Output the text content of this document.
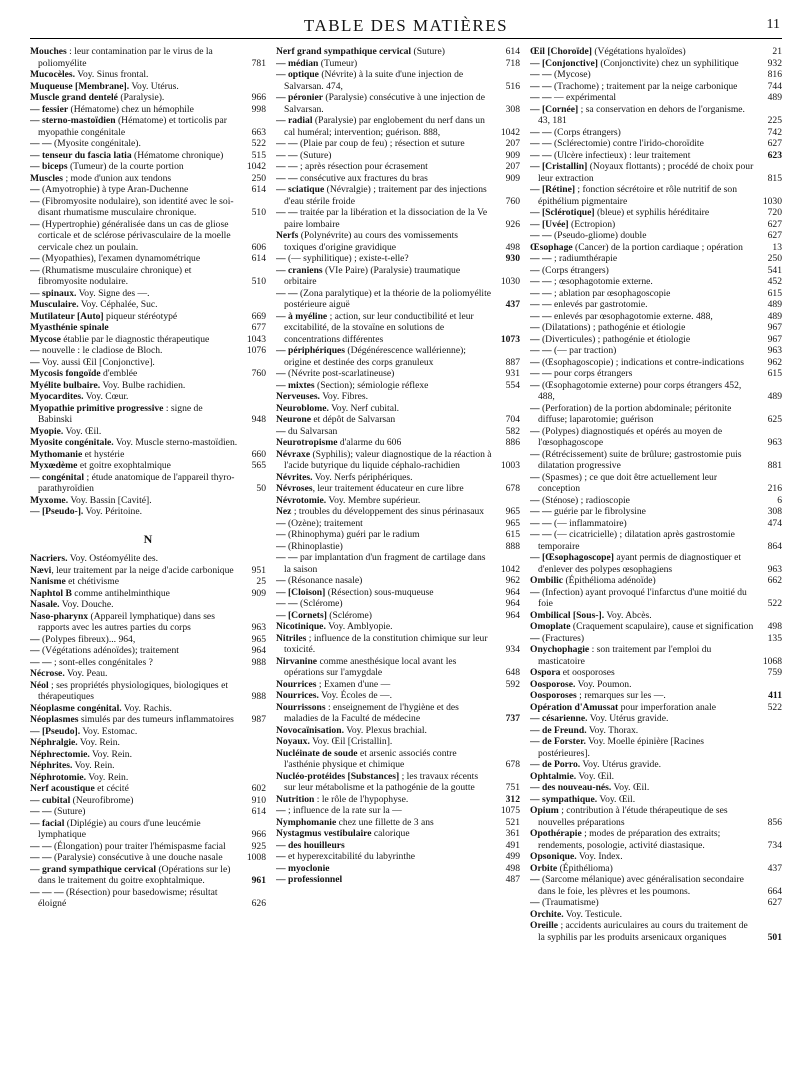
TABLE DES MATIÈRES	11
Mouches : leur contamination par le virus de la poliomyélite	781
Mucocèles. Voy. Sinus frontal.
Muqueuse [Membrane]. Voy. Utérus.
Muscle grand dentelé (Paralysie).	966
— fessier (Hématome) chez un hémophile	998
— sterno-mastoïdien (Hématome) et torticolis par myopathie congénitale	663
— — (Myosite congénitale).	522
— tenseur du fascia latia (Hématome chronique)	515
— biceps (Tumeur) de la courte portion	1042
Muscles ; mode d'union aux tendons	250
— (Amyotrophie) à type Aran-Duchenne	614
— (Fibromyosite nodulaire), son identité avec le soi-disant rhumatisme musculaire chronique.	510
— (Hypertrophie) généralisée dans un cas de gliose corticale et de sclérose périvasculaire de la moelle cervicale chez un poulain.	606
— (Myopathies), l'examen dynamométrique	614
— (Rhumatisme musculaire chronique) et fibromyosite nodulaire.	510
— spinaux. Voy. Signe des —.
Musculaire. Voy. Céphalée, Suc.
Mutilateur [Auto] piqueur stéréotypé	669
Myasthénie spinale	677
Mycose établie par le diagnostic thérapeutique	1043
— nouvelle : le cladiose de Bloch.	1076
— Voy. aussi Œil [Conjonctive].
Mycosis fongoïde d'emblée	760
Myélite bulbaire. Voy. Bulbe rachidien.
Myocardites. Voy. Cœur.
Myopathie primitive progressive : signe de Babinski	948
Myopie. Voy. Œil.
Myosite congénitale. Voy. Muscle sterno-mastoïdien.
Mythomanie et hystérie	660
Myxœdème et goitre exophtalmique	565
— congénital ; étude anatomique de l'appareil thyro-parathyroïdien	50
Myxome. Voy. Bassin [Cavité].
— [Pseudo-]. Voy. Péritoine.
N
Nacriers. Voy. Ostéomyélite des.
Nævi, leur traitement par la neige d'acide carbonique 951
Nanisme et chétivisme	25
Naphtol B comme antihelminthique	909
Nasale. Voy. Douche.
Naso-pharynx (Appareil lymphatique) dans ses rapports avec les autres parties du corps	963
— (Polypes fibreux)... 964,	965
— (Végétations adénoïdes); traitement	964
— — ; sont-elles congénitales ?	988
Nécrose. Voy. Peau.
Néol ; ses propriétés physiologiques, biologiques et thérapeutiques	988
Néoplasme congénital. Voy. Rachis.
Néoplasmes simulés par des tumeurs inflammatoires 987
— [Pseudo]. Voy. Estomac.
Néphralgie. Voy. Rein.
Néphrectomie. Voy. Rein.
Néphrites. Voy. Rein.
Néphrotomie. Voy. Rein.
Nerf acoustique et cécité	602
— cubital (Neurofibrome)	910
— — (Suture)	614
— facial (Diplégie) au cours d'une leucémie lymphatique	966
— — (Élongation) pour traiter l'hémispasme facial	925
— — (Paralysie) consécutive à une douche nasale	1008
— grand sympathique cervical (Opérations sur le) dans le traitement du goitre exophtalmique.	961
— — — (Résection) pour basedowisme; résultat éloigné	626
Nerf grand sympathique cervical (Suture)	614
— médian (Tumeur)	718
— optique (Névrite) à la suite d'une injection de Salvarsan. 474,	516
— péronier (Paralysie) consécutive à une injection de Salvarsan.	308
— radial (Paralysie) par englobement du nerf dans un cal huméral; intervention; guérison. 888,	1042
— — (Plaie par coup de feu) ; résection et suture	207
— — (Suture)	909
— — ; après résection pour écrasement	207
— — consécutive aux fractures du bras	909
— sciatique (Névralgie) ; traitement par des injections d'eau stérile froide	760
— — traitée par la libération et la dissociation de la Ve paire lombaire	926
Nerfs (Polynévrite) au cours des vomissements toxiques d'origine gravidique	498
— (— syphilitique) ; existe-t-elle?	930
— craniens (VIe Paire) (Paralysie) traumatique orbitaire	1030
— — (Zona paralytique) et la théorie de la poliomyélite postérieure aiguë	437
— à myéline ; action, sur leur conductibilité et leur excitabilité, de la stovaïne en solutions de concentrations différentes	1073
— périphériques (Dégénérescence wallérienne); origine et destinée des corps granuleux	887
— (Névrite post-scarlatineuse)	931
— mixtes (Section); sémiologie réflexe	554
Nerveuses. Voy. Fibres.
Neuroblome. Voy. Nerf cubital.
Neurone et dépôt de Salvarsan	704
— du Salvarsan	582
Neurotropisme d'alarme du 606	886
Névraxe (Syphilis); valeur diagnostique de la réaction à l'acide butyrique du liquide céphalo-rachidien	1003
Névrites. Voy. Nerfs périphériques.
Névroses, leur traitement éducateur en cure libre	678
Névrotomie. Voy. Membre supérieur.
Nez ; troubles du développement des sinus périnasaux 965
— (Ozène); traitement	965
— (Rhinophyma) guéri par le radium	615
— (Rhinoplastie)	888
— — par implantation d'un fragment de cartilage dans la saison	1042
— (Résonance nasale)	962
— [Cloison] (Résection) sous-muqueuse	964
— — (Sclérome)	964
— [Cornets] (Sclérome)	964
Nicotinique. Voy. Amblyopie.
Nitriles ; influence de la constitution chimique sur leur toxicité.	934
Nirvanine comme anesthésique local avant les opérations sur l'amygdale	648
Nourrices ; Examen d'une —	592
Nourrices. Voy. Écoles de —.
Nourrissons : enseignement de l'hygiène et des maladies de la Faculté de médecine	737
Novocaïnisation. Voy. Plexus brachial.
Noyaux. Voy. Œil [Cristallin].
Nucléinate de soude et arsenic associés contre l'asthénie physique et chimique	678
Nucléo-protéides [Substances] ; les travaux récents sur leur métabolisme et la pathogénie de la goutte	751
Nutrition : le rôle de l'hypophyse.	312
— ; influence de la rate sur la —	1075
Nymphomanie chez une fillette de 3 ans	521
Nystagmus vestibulaire calorique	361
— des houilleurs	491
— et hyperexcitabilité du labyrinthe	499
— myoclonie	498
— professionnel	487
Œil [Choroïde] (Végétations hyaloïdes)	21
— [Conjonctive] (Conjonctivite) chez un syphilitique	932
— — (Mycose)	816
— — (Trachome) ; traitement par la neige carbonique	744
— — — expérimental	489
— [Cornée] ; sa conservation en dehors de l'organisme. 43, 181	225
— — (Corps étrangers)	742
— — (Sclérectomie) contre l'irido-choroïdite	627
— — (Ulcère infectieux) : leur traitement	623
— [Cristallin] (Noyaux flottants) ; procédé de choix pour leur extraction	815
— [Rétine] ; fonction sécrétoire et rôle nutritif de son épithélium pigmentaire	1030
— [Sclérotique] (bleue) et syphilis héréditaire	720
— [Uvée] (Ectropion)	627
— — (Pseudo-gliome) double	627
Œsophage (Cancer) de la portion cardiaque ; opération	13
— — ; radiumthérapie	250
— (Corps étrangers)	541
— — ; œsophagotomie externe.	452
— — ; ablation par œsophagoscopie	615
— — enlevés par gastrotomie.	489
— — enlevés par œsophagotomie externe. 488,	489
— (Dilatations) ; pathogénie et étiologie	967
— (Diverticules) ; pathogénie et étiologie	967
— — (— par traction)	963
— (Œsophagoscopie) ; indications et contre-indications 962
— — pour corps étrangers	615
— (Œsophagotomie externe) pour corps étrangers 452, 488,	489
— (Perforation) de la portion abdominale; péritonite diffuse; laparotomie; guérison	625
— (Polypes) diagnostiqués et opérés au moyen de l'œsophagoscope	963
— (Rétrécissement) suite de brûlure; gastrostomie puis dilatation progressive	881
— (Spasmes) ; ce que doit être actuellement leur conception	216
— (Sténose) ; radioscopie	6
— — guérie par le fibrolysine	308
— — (— inflammatoire)	474
— — (— cicatricielle) ; dilatation après gastrostomie temporaire	864
— [Œsophagoscope] ayant permis de diagnostiquer et d'enlever des polypes œsophagiens	963
Ombilic (Épithélioma adénoïde)	662
— (Infection) ayant provoqué l'infarctus d'une moitié du foie	522
Ombilical [Sous-]. Voy. Abcès.
Omoplate (Craquement scapulaire), cause et signification 498
— (Fractures)	135
Onychophagie : son traitement par l'emploi du masticatoire	1068
Ospora et oosporoses	759
Oosporose. Voy. Poumon.
Oosporoses ; remarques sur les —.	411
Opération d'Amussat pour imperforation anale	522
— césarienne. Voy. Utérus gravide.
— de Freund. Voy. Thorax.
— de Forster. Voy. Moelle épinière [Racines postérieures].
— de Porro. Voy. Utérus gravide.
Ophtalmie. Voy. Œil.
— des nouveau-nés. Voy. Œil.
— sympathique. Voy. Œil.
Opium ; contribution à l'étude thérapeutique de ses nouvelles préparations	856
Opothérapie ; modes de préparation des extraits; rendements, posologie, activité diastasique.	734
Opsonique. Voy. Index.
Orbite (Épithélioma)	437
— (Sarcome mélanique) avec généralisation secondaire dans le foie, les plèvres et les poumons.	664
— (Traumatisme)	627
Orchite. Voy. Testicule.
Oreille ; accidents auriculaires au cours du traitement de la syphilis par les produits arsenicaux organiques	501
